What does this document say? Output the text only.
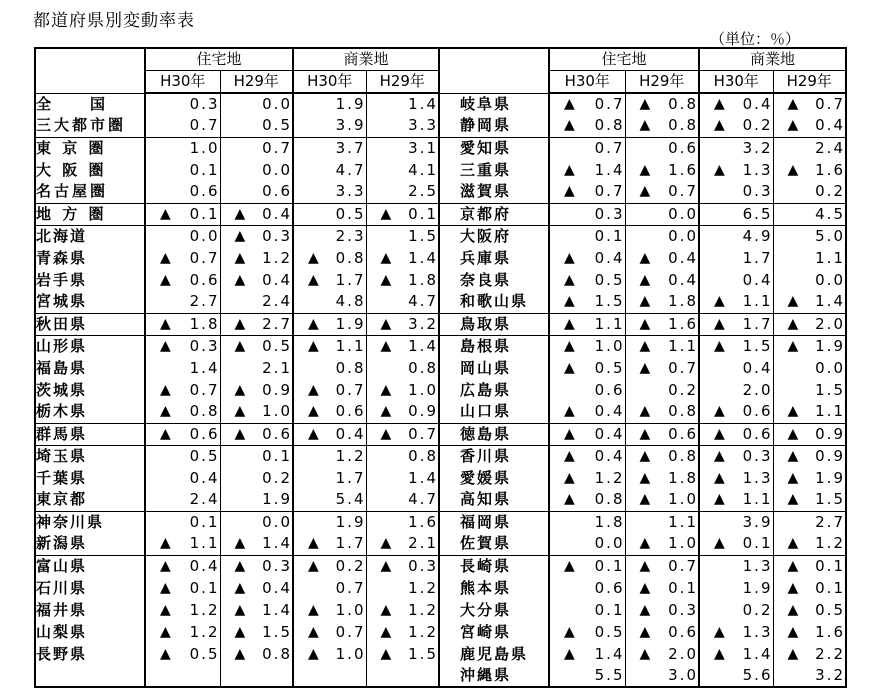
都道府県別変動率表
（単位：％）
	住宅地		商業地			住宅地		商業地	
	H30年	H29年	H30年	H29年		H30年	H29年	H30年	H29年
全　　国	0.3	0.0	1.9	1.4	岐阜県	▲ 0.7	▲ 0.8	▲ 0.4	▲ 0.7
三大都市圏	0.7	0.5	3.9	3.3	静岡県	▲ 0.8	▲ 0.8	▲ 0.2	▲ 0.4
東 京 圏	1.0	0.7	3.7	3.1	愛知県	0.7	0.6	3.2	2.4
大 阪 圏	0.1	0.0	4.7	4.1	三重県	▲ 1.4	▲ 1.6	▲ 1.3	▲ 1.6
名古屋圏	0.6	0.6	3.3	2.5	滋賀県	▲ 0.7	▲ 0.7	0.3	0.2
地 方 圏	▲ 0.1	▲ 0.4	0.5	▲ 0.1	京都府	0.3	0.0	6.5	4.5
北海道	0.0	▲ 0.3	2.3	1.5	大阪府	0.1	0.0	4.9	5.0
青森県	▲ 0.7	▲ 1.2	▲ 0.8	▲ 1.4	兵庫県	▲ 0.4	▲ 0.4	1.7	1.1
岩手県	▲ 0.6	▲ 0.4	▲ 1.7	▲ 1.8	奈良県	▲ 0.5	▲ 0.4	0.4	0.0
宮城県	2.7	2.4	4.8	4.7	和歌山県	▲ 1.5	▲ 1.8	▲ 1.1	▲ 1.4
秋田県	▲ 1.8	▲ 2.7	▲ 1.9	▲ 3.2	鳥取県	▲ 1.1	▲ 1.6	▲ 1.7	▲ 2.0
山形県	▲ 0.3	▲ 0.5	▲ 1.1	▲ 1.4	島根県	▲ 1.0	▲ 1.1	▲ 1.5	▲ 1.9
福島県	1.4	2.1	0.8	0.8	岡山県	▲ 0.5	▲ 0.7	0.4	0.0
茨城県	▲ 0.7	▲ 0.9	▲ 0.7	▲ 1.0	広島県	0.6	0.2	2.0	1.5
栃木県	▲ 0.8	▲ 1.0	▲ 0.6	▲ 0.9	山口県	▲ 0.4	▲ 0.8	▲ 0.6	▲ 1.1
群馬県	▲ 0.6	▲ 0.6	▲ 0.4	▲ 0.7	徳島県	▲ 0.4	▲ 0.6	▲ 0.6	▲ 0.9
埼玉県	0.5	0.1	1.2	0.8	香川県	▲ 0.4	▲ 0.8	▲ 0.3	▲ 0.9
千葉県	0.4	0.2	1.7	1.4	愛媛県	▲ 1.2	▲ 1.8	▲ 1.3	▲ 1.9
東京都	2.4	1.9	5.4	4.7	高知県	▲ 0.8	▲ 1.0	▲ 1.1	▲ 1.5
神奈川県	0.1	0.0	1.9	1.6	福岡県	1.8	1.1	3.9	2.7
新潟県	▲ 1.1	▲ 1.4	▲ 1.7	▲ 2.1	佐賀県	0.0	▲ 1.0	▲ 0.1	▲ 1.2
富山県	▲ 0.4	▲ 0.3	▲ 0.2	▲ 0.3	長崎県	▲ 0.1	▲ 0.7	1.3	▲ 0.1
石川県	▲ 0.1	▲ 0.4	0.7	1.2	熊本県	0.6	▲ 0.1	1.9	▲ 0.1
福井県	▲ 1.2	▲ 1.4	▲ 1.0	▲ 1.2	大分県	0.1	▲ 0.3	0.2	▲ 0.5
山梨県	▲ 1.2	▲ 1.5	▲ 0.7	▲ 1.2	宮崎県	▲ 0.5	▲ 0.6	▲ 1.3	▲ 1.6
長野県	▲ 0.5	▲ 0.8	▲ 1.0	▲ 1.5	鹿児島県	▲ 1.4	▲ 2.0	▲ 1.4	▲ 2.2
					沖縄県	5.5	3.0	5.6	3.2
